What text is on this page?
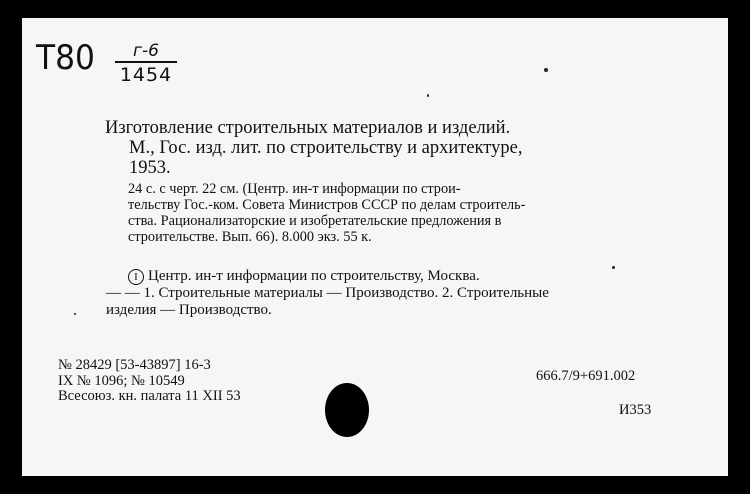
Т80	г-6
1454
Изготовление строительных материалов и изделий.
М., Гос. изд. лит. по строительству и архитектуре,
1953.
24 с. с черт. 22 см. (Центр. ин-т информации по строи-
тельству Гос.-ком. Совета Министров СССР по делам строитель-
ства. Рационализаторские и изобретательские предложения в
строительстве. Вып. 66). 8.000 экз. 55 к.
I Центр. ин-т информации по строительству, Москва.
— — 1. Строительные материалы — Производство. 2. Строительные
изделия — Производство.
№ 28429 [53-43897] 16-3
IX № 1096; № 10549
Всесоюз. кн. палата 11 XII 53
666.7/9+691.002
И353
